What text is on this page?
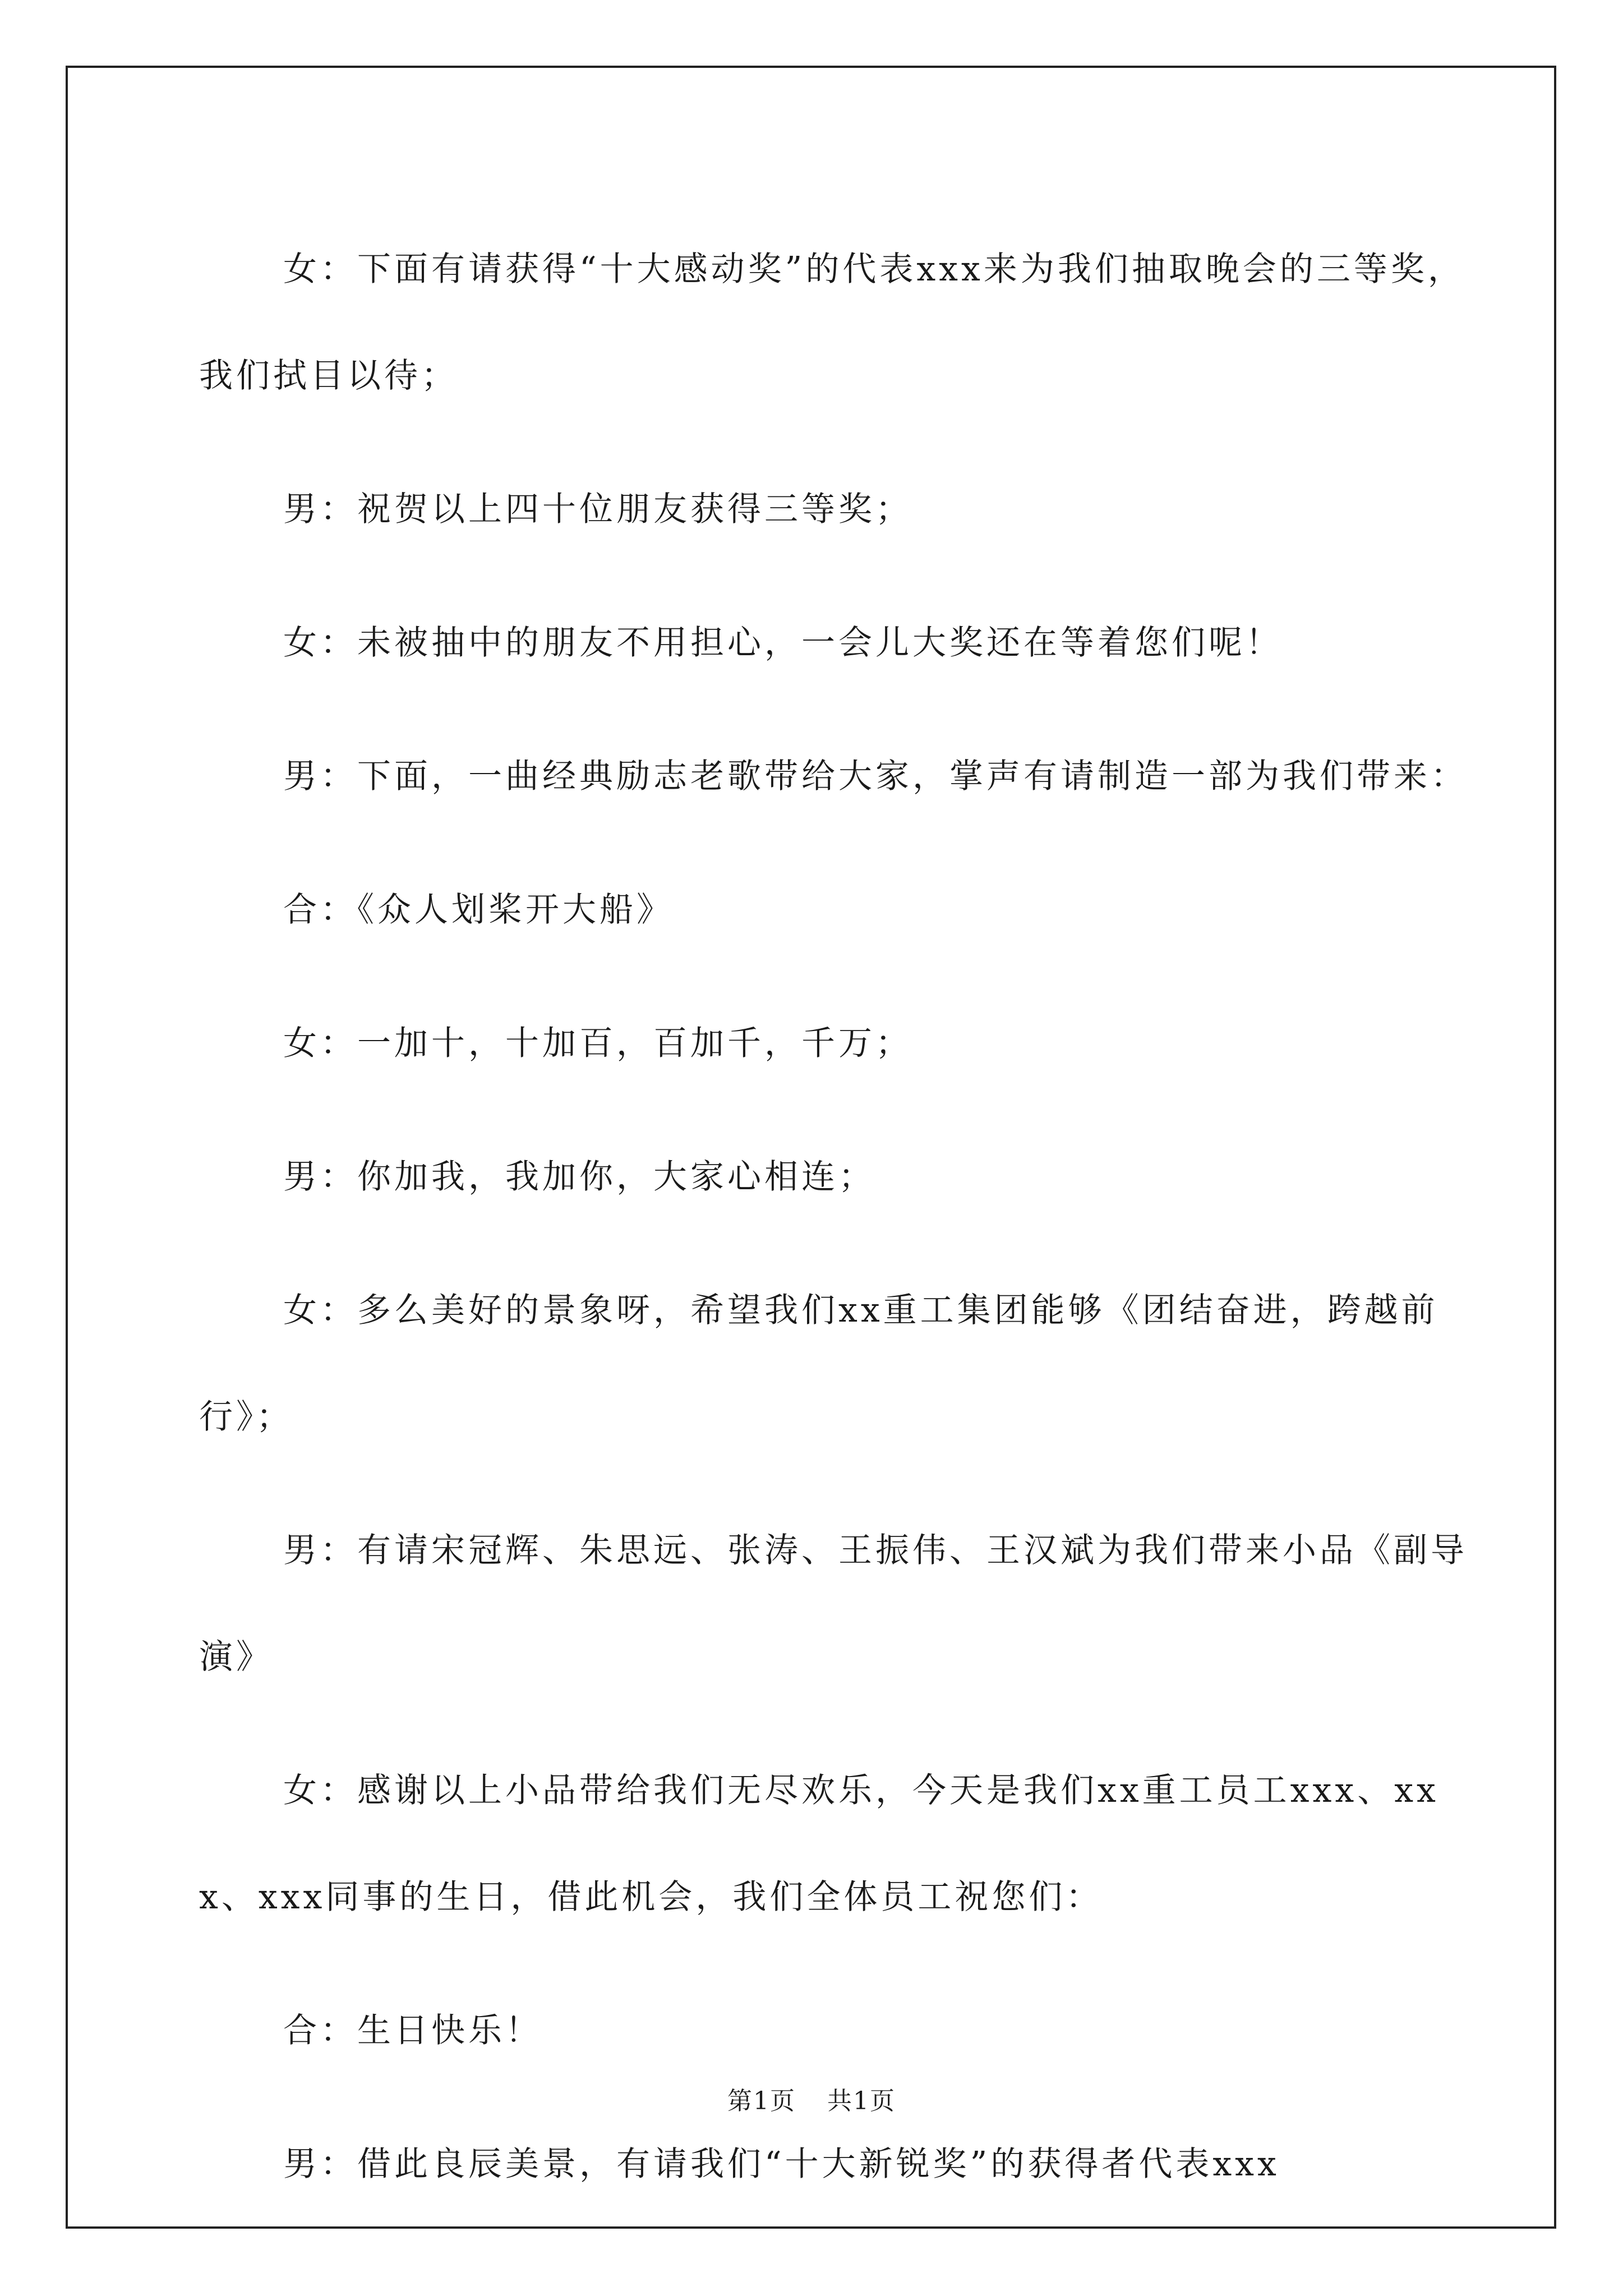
女：下面有请获得“十大感动奖”的代表xxx来为我们抽取晚会的三等奖，我们拭目以待；

男：祝贺以上四十位朋友获得三等奖；

女：未被抽中的朋友不用担心，一会儿大奖还在等着您们呢！

男：下面，一曲经典励志老歌带给大家，掌声有请制造一部为我们带来：

合：《众人划桨开大船》

女：一加十，十加百，百加千，千万；

男：你加我，我加你，大家心相连；

女：多么美好的景象呀，希望我们xx重工集团能够《团结奋进，跨越前行》；

男：有请宋冠辉、朱思远、张涛、王振伟、王汉斌为我们带来小品《副导演》

女：感谢以上小品带给我们无尽欢乐，今天是我们xx重工员工xxx、xxx、xxx同事的生日，借此机会，我们全体员工祝您们：

合：生日快乐！

男：借此良辰美景，有请我们“十大新锐奖”的获得者代表xxx

第1页 共1页
